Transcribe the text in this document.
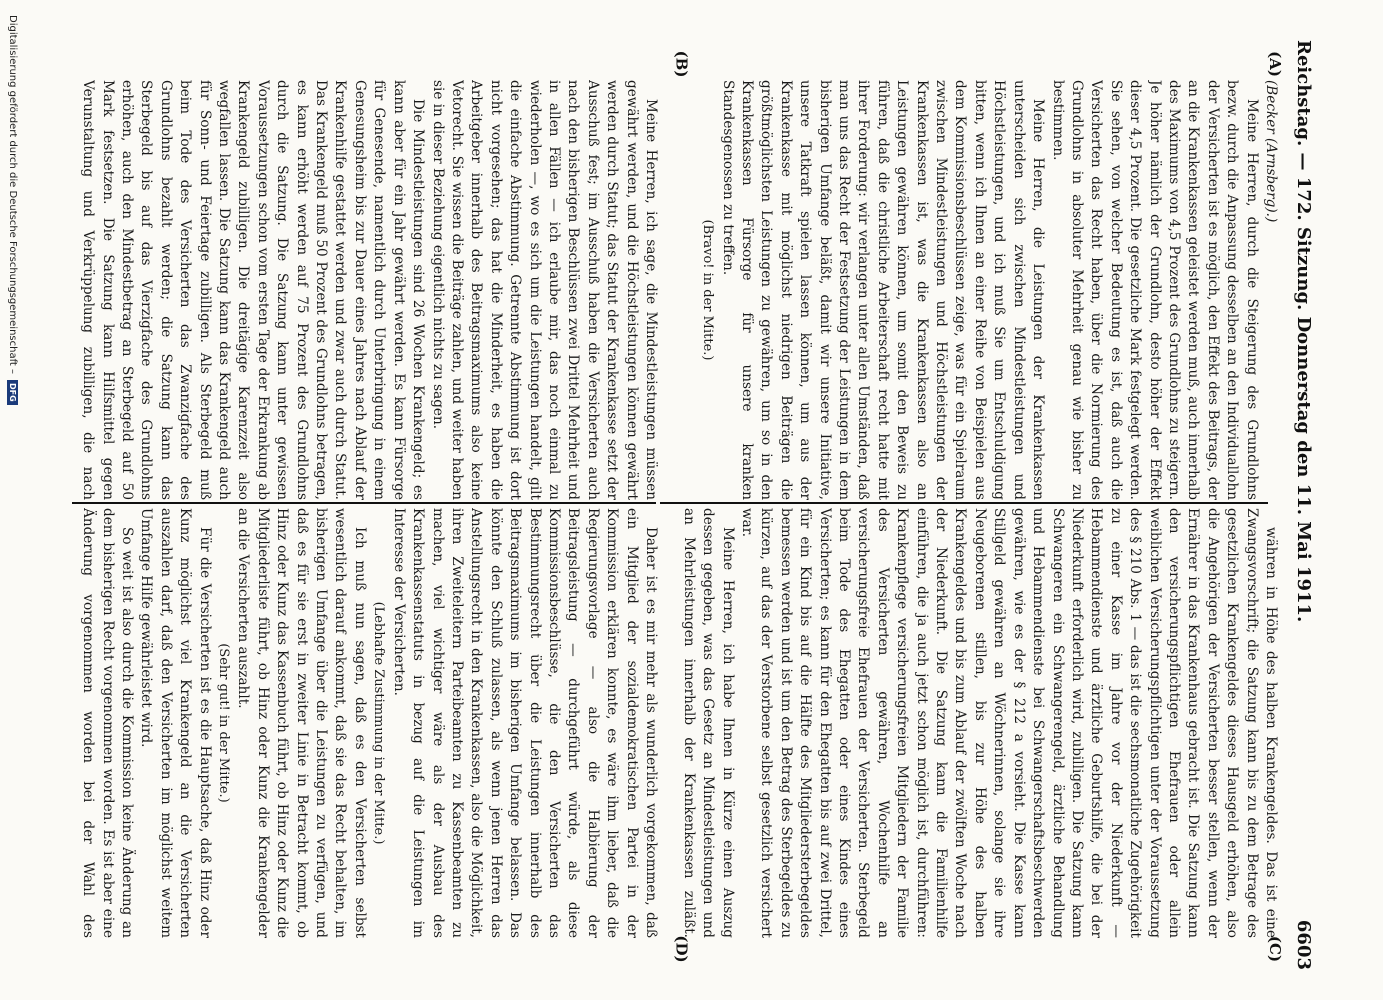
Reichstag. — 172. Sitzung. Donnerstag den 11. Mai 1911.
6603
(A)
(B)
(C)
(D)

(Becker (Arnsberg).)

Meine Herren, durch die Steigerung des Grundlohns bezw. durch die Anpassung desselben an den Individuallohn der Versicherten ist es möglich, den Effekt des Beitrags, der an die Krankenkassen geleistet werden muß, auch innerhalb des Maximums von 4,5 Prozent des Grundlohns zu steigern. Je höher nämlich der Grundlohn, desto höher der Effekt dieser 4,5 Prozent. Die gesetzliche Mark festgelegt werden. Sie sehen, von welcher Bedeutung es ist, daß auch die Versicherten das Recht haben, über die Normierung des Grundlohns in absoluter Mehrheit genau wie bisher zu bestimmen.

Meine Herren, die Leistungen der Krankenkassen unterscheiden sich zwischen Mindestleistungen und Höchstleistungen, und ich muß Sie um Entschuldigung bitten, wenn ich Ihnen an einer Reihe von Beispielen aus dem Kommissionsbeschlüssen zeige, was für ein Spielraum zwischen Mindestleistungen und Höchstleistungen der Krankenkassen ist, was die Krankenkassen also an Leistungen gewähren können, um somit den Beweis zu führen, daß die christliche Arbeiterschaft recht hatte mit ihrer Forderung: wir verlangen unter allen Umständen, daß man uns das Recht der Festsetzung der Leistungen in dem bisherigen Umfange beläßt, damit wir unsere Initiative, unsere Tatkraft spielen lassen können, um aus der Krankenkasse mit möglichst niedrigen Beiträgen die größtmöglichsten Leistungen zu gewähren, um so in den Krankenkassen Fürsorge für unsere kranken Standesgenossen zu treffen.

(Bravo! in der Mitte.)

währen in Höhe des halben Krankengeldes. Das ist eine Zwangsvorschrift; die Satzung kann bis zu dem Betrage des gesetzlichen Krankengeldes dieses Hausgeld erhöhen, also die Angehörigen der Versicherten besser stellen, wenn der Ernährer in das Krankenhaus gebracht ist. Die Satzung kann den versicherungspflichtigen Ehefrauen oder allein weiblichen Versicherungspflichtigen unter der Voraussetzung des § 210 Abs. 1 — das ist die sechsmonatliche Zugehörigkeit zu einer Kasse im Jahre vor der Niederkunft — Hebammendienste und ärztliche Geburtshilfe, die bei der Niederkunft erforderlich wird, zubilligen. Die Satzung kann Schwangeren ein Schwangerengeld, ärztliche Behandlung und Hebammendienste bei Schwangerschaftsbeschwerden gewähren, wie es der § 212 a vorsieht. Die Kasse kann Stillgeld gewähren an Wöchnerinnen, solange sie ihre Neugeborenen stillen, bis zur Höhe des halben Krankengeldes und bis zum Ablauf der zwölften Woche nach der Niederkunft. Die Satzung kann die Familienhilfe einführen, die ja auch jetzt schon möglich ist, durchführen: Krankenpflege versicherungsfreien Mitgliedern der Familie des Versicherten gewähren, Wochenhilfe an versicherungsfreie Ehefrauen der Versicherten. Sterbegeld beim Tode des Ehegatten oder eines Kindes eines Versicherten; es kann für den Ehegatten bis auf zwei Drittel, für ein Kind bis auf die Hälfte des Mitgliedersterbegeldes bemessen werden und ist um den Betrag des Sterbegeldes zu kürzen, auf das der Verstorbene selbst gesetzlich versichert war.

Meine Herren, ich habe Ihnen in Kürze einen Auszug dessen gegeben, was das Gesetz an Mindestleistungen und an Mehrleistungen innerhalb der Krankenkassen zuläßt.

Meine Herren, ich sage, die Mindestleistungen müssen gewährt werden, und die Höchstleistungen können gewährt werden durch Statut; das Statut der Krankenkasse setzt der Ausschuß fest; im Ausschuß haben die Versicherten auch nach den bisherigen Beschlüssen zwei Drittel Mehrheit und in allen Fällen — ich erlaube mir, das noch einmal zu wiederholen —, wo es sich um die Leistungen handelt, gilt die einfache Abstimmung. Getrennte Abstimmung ist dort nicht vorgesehen; das hat die Minderheit, es haben die Arbeitgeber innerhalb des Beitragsmaximums also keine Vetorecht. Sie wissen die Beiträge zahlen, und weiter haben sie in dieser Beziehung eigentlich nichts zu sagen.

Die Mindestleistungen sind 26 Wochen Krankengeld; es kann aber für ein Jahr gewährt werden. Es kann Fürsorge für Genesende, namentlich durch Unterbringung in einem Genesungsheim bis zur Dauer eines Jahres nach Ablauf der Krankenhilfe gestattet werden und zwar auch durch Statut. Das Krankengeld muß 50 Prozent des Grundlohns betragen, es kann erhöht werden auf 75 Prozent des Grundlohns durch die Satzung. Die Satzung kann unter gewissen Voraussetzungen schon vom ersten Tage der Erkrankung ab Krankengeld zubilligen. Die dreitägige Karenzzeit also wegfallen lassen. Die Satzung kann das Krankengeld auch für Sonn- und Feiertage zubilligen. Als Sterbegeld muß beim Tode des Versicherten das Zwanzigfache des Grundlohns bezahlt werden; die Satzung kann das Sterbegeld bis auf das Vierzigfache des Grundlohns erhöhen, auch den Mindestbetrag an Sterbegeld auf 50 Mark festsetzen. Die Satzung kann Hilfsmittel gegen Verunstaltung und Verkrüppelung zubilligen, die nach

Daher ist es mir mehr als wunderlich vorgekommen, daß ein Mitglied der sozialdemokratischen Partei in der Kommission erklären konnte, es wäre ihm lieber, daß die Regierungsvorlage — also die Halbierung der Beitragsleistung — durchgeführt würde, als diese Kommissionsbeschlüsse, die den Versicherten das Bestimmungsrecht über die Leistungen innerhalb des Beitragsmaximums im bisherigen Umfange belassen. Das könnte den Schluß zulassen, als wenn jenen Herren das Anstellungsrecht in den Krankenkassen, also die Möglichkeit, ihren Zweiteleitern Parteibeamten zu Kassenbeamten zu machen, viel wichtiger wäre als der Ausbau des Krankenkassenstatuts in bezug auf die Leistungen im Interesse der Versicherten.

(Lebhafte Zustimmung in der Mitte.)

Ich muß nun sagen, daß es den Versicherten selbst wesentlich darauf ankommt, daß sie das Recht behalten, im bisherigen Umfange über die Leistungen zu verfügen, und daß es für sie erst in zweiter Linie in Betracht kommt, ob Hinz oder Kunz das Kassenbuch führt, ob Hinz oder Kunz die Mitgliederliste führt, ob Hinz oder Kunz die Krankengelder an die Versicherten auszahlt.

(Sehr gut! in der Mitte.)

Für die Versicherten ist es die Hauptsache, daß Hinz oder Kunz möglichst viel Krankengeld an die Versicherten auszahlen darf, daß den Versicherten im möglichst weitem Umfange Hilfe gewährleistet wird.

So weit ist also durch die Kommission keine Änderung an dem bisherigen Recht vorgenommen worden. Es ist aber eine Änderung vorgenommen worden bei der Wahl des

Digitalisierung gefördert durch die Deutsche Forschungsgemeinschaft –
DFG
